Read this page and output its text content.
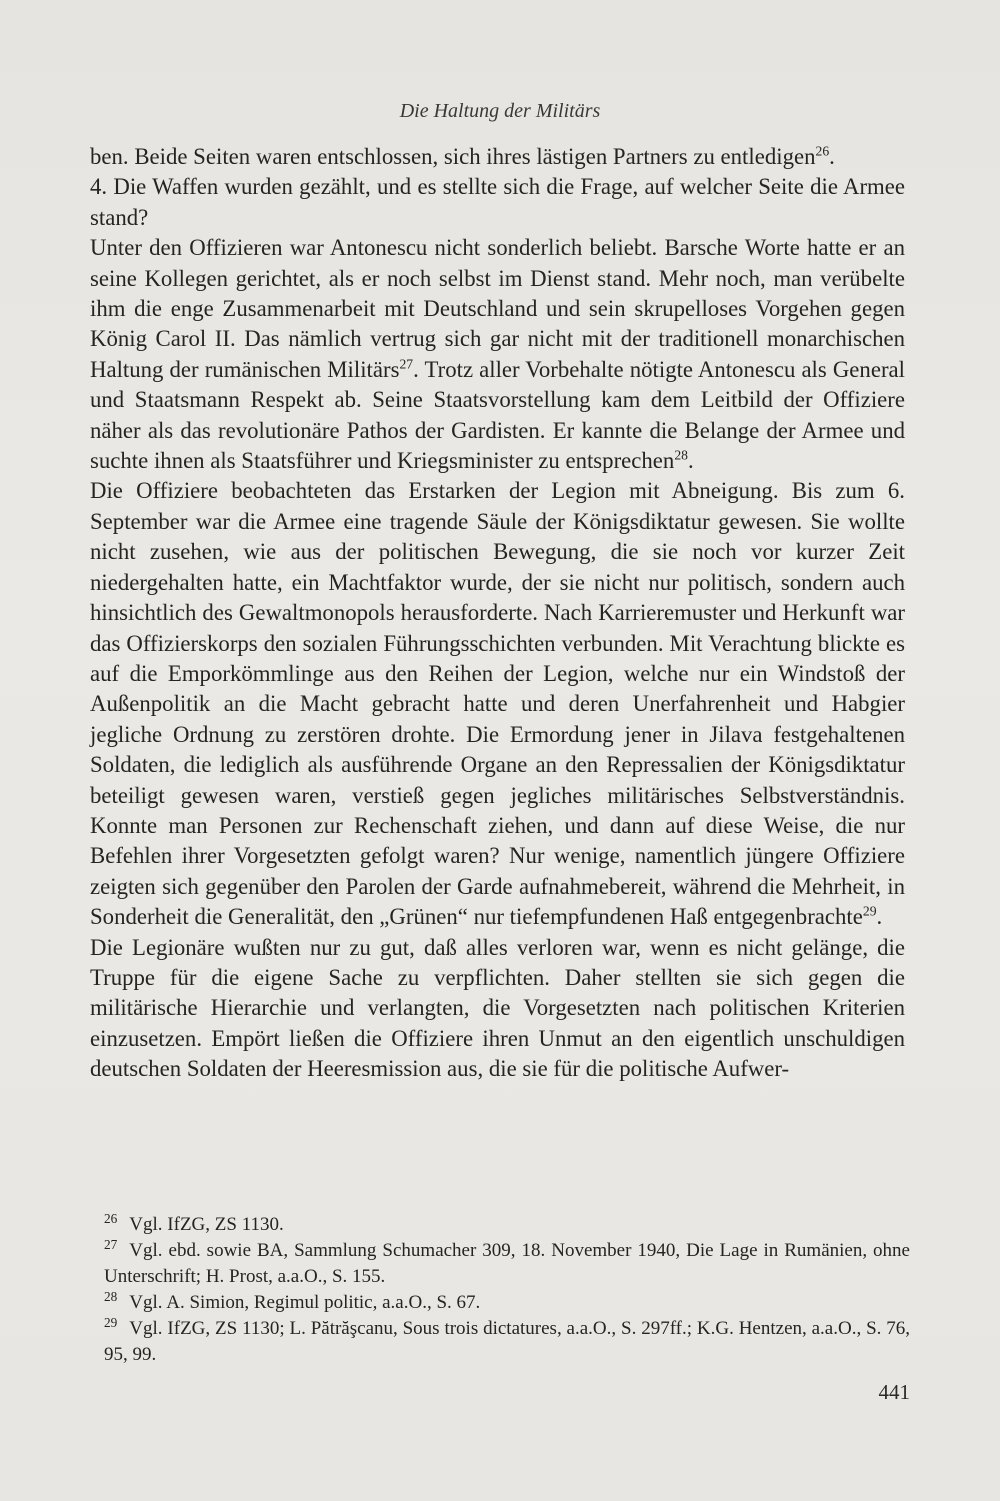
Die Haltung der Militärs

ben. Beide Seiten waren entschlossen, sich ihres lästigen Partners zu entledigen$^{26}$.

4. Die Waffen wurden gezählt, und es stellte sich die Frage, auf welcher Seite die Armee stand?

Unter den Offizieren war Antonescu nicht sonderlich beliebt. Barsche Worte hatte er an seine Kollegen gerichtet, als er noch selbst im Dienst stand. Mehr noch, man verübelte ihm die enge Zusammenarbeit mit Deutschland und sein skrupelloses Vorgehen gegen König Carol II. Das nämlich vertrug sich gar nicht mit der traditionell monarchischen Haltung der rumänischen Militärs$^{27}$. Trotz aller Vorbehalte nötigte Antonescu als General und Staatsmann Respekt ab. Seine Staatsvorstellung kam dem Leitbild der Offiziere näher als das revolutionäre Pathos der Gardisten. Er kannte die Belange der Armee und suchte ihnen als Staatsführer und Kriegsminister zu entsprechen$^{28}$.

Die Offiziere beobachteten das Erstarken der Legion mit Abneigung. Bis zum 6. September war die Armee eine tragende Säule der Königsdiktatur gewesen. Sie wollte nicht zusehen, wie aus der politischen Bewegung, die sie noch vor kurzer Zeit niedergehalten hatte, ein Machtfaktor wurde, der sie nicht nur politisch, sondern auch hinsichtlich des Gewaltmonopols herausforderte. Nach Karrieremuster und Herkunft war das Offizierskorps den sozialen Führungsschichten verbunden. Mit Verachtung blickte es auf die Emporkömmlinge aus den Reihen der Legion, welche nur ein Windstoß der Außenpolitik an die Macht gebracht hatte und deren Unerfahrenheit und Habgier jegliche Ordnung zu zerstören drohte. Die Ermordung jener in Jilava festgehaltenen Soldaten, die lediglich als ausführende Organe an den Repressalien der Königsdiktatur beteiligt gewesen waren, verstieß gegen jegliches militärisches Selbstverständnis. Konnte man Personen zur Rechenschaft ziehen, und dann auf diese Weise, die nur Befehlen ihrer Vorgesetzten gefolgt waren? Nur wenige, namentlich jüngere Offiziere zeigten sich gegenüber den Parolen der Garde aufnahmebereit, während die Mehrheit, in Sonderheit die Generalität, den „Grünen“ nur tiefempfundenen Haß entgegenbrachte$^{29}$.

Die Legionäre wußten nur zu gut, daß alles verloren war, wenn es nicht gelänge, die Truppe für die eigene Sache zu verpflichten. Daher stellten sie sich gegen die militärische Hierarchie und verlangten, die Vorgesetzten nach politischen Kriterien einzusetzen. Empört ließen die Offiziere ihren Unmut an den eigentlich unschuldigen deutschen Soldaten der Heeresmission aus, die sie für die politische Aufwer-

$^{26}$ Vgl. IfZG, ZS 1130.

$^{27}$ Vgl. ebd. sowie BA, Sammlung Schumacher 309, 18. November 1940, Die Lage in Rumänien, ohne Unterschrift; H. Prost, a.a.O., S. 155.

$^{28}$ Vgl. A. Simion, Regimul politic, a.a.O., S. 67.

$^{29}$ Vgl. IfZG, ZS 1130; L. Pătrăşcanu, Sous trois dictatures, a.a.O., S. 297ff.; K.G. Hentzen, a.a.O., S. 76, 95, 99.

441
